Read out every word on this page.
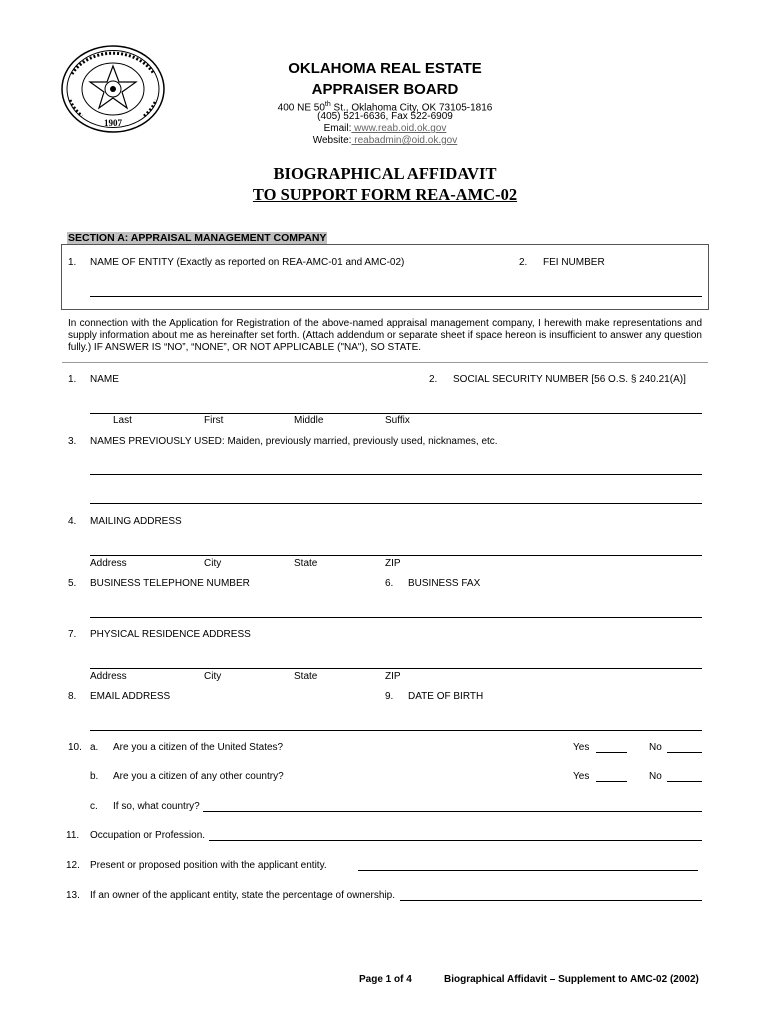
1907
OKLAHOMA REAL ESTATE
APPRAISER BOARD
400 NE 50th St., Oklahoma City, OK 73105-1816
(405) 521-6636, Fax 522-6909
Email: www.reab.oid.ok.gov
Website: reabadmin@oid.ok.gov
BIOGRAPHICAL AFFIDAVIT
TO SUPPORT FORM REA-AMC-02
SECTION A: APPRAISAL MANAGEMENT COMPANY
1. NAME OF ENTITY (Exactly as reported on REA-AMC-01 and AMC-02)	2. FEI NUMBER
In connection with the Application for Registration of the above-named appraisal management company, I herewith make representations and supply information about me as hereinafter set forth. (Attach addendum or separate sheet if space hereon is insufficient to answer any question fully.) IF ANSWER IS “NO”, “NONE”, OR NOT APPLICABLE ("NA"), SO STATE.
1. NAME	2. SOCIAL SECURITY NUMBER [56 O.S. § 240.21(A)]
Last	First	Middle	Suffix
3. NAMES PREVIOUSLY USED: Maiden, previously married, previously used, nicknames, etc.
4. MAILING ADDRESS
Address	City	State	ZIP
5. BUSINESS TELEPHONE NUMBER	6. BUSINESS FAX
7. PHYSICAL RESIDENCE ADDRESS
Address	City	State	ZIP
8. EMAIL ADDRESS	9. DATE OF BIRTH
10. a. Are you a citizen of the United States?	Yes	No
b. Are you a citizen of any other country?	Yes	No
c. If so, what country?
11. Occupation or Profession.
12. Present or proposed position with the applicant entity.
13. If an owner of the applicant entity, state the percentage of ownership.
Page 1 of 4	Biographical Affidavit – Supplement to AMC-02 (2002)
